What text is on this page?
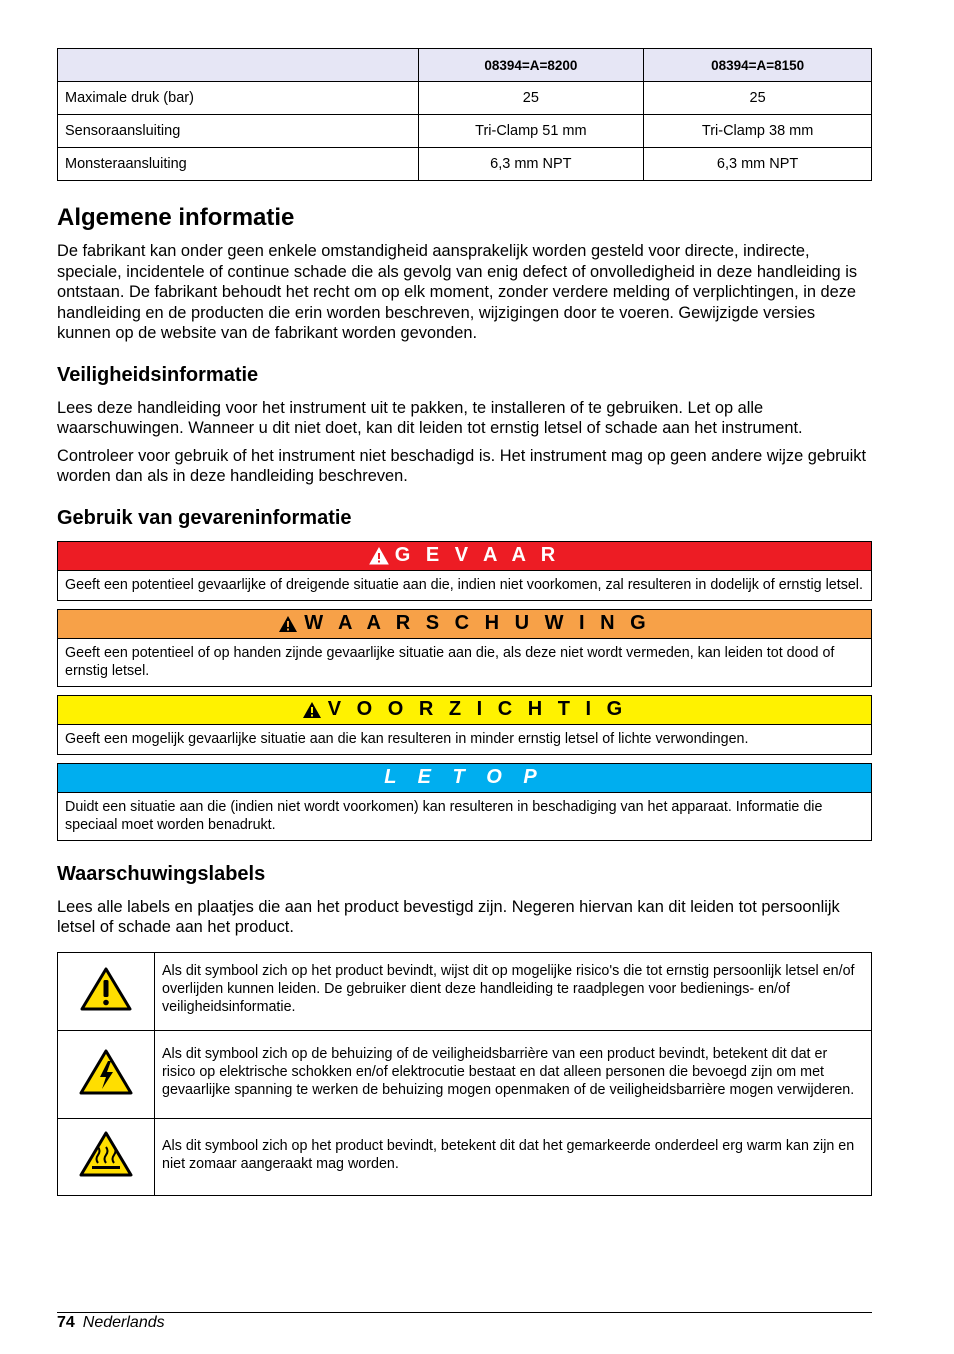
	08394=A=8200	08394=A=8150
Maximale druk (bar)	25	25
Sensoraansluiting	Tri-Clamp 51 mm	Tri-Clamp 38 mm
Monsteraansluiting	6,3 mm NPT	6,3 mm NPT
Algemene informatie

De fabrikant kan onder geen enkele omstandigheid aansprakelijk worden gesteld voor directe, indirecte, speciale, incidentele of continue schade die als gevolg van enig defect of onvolledigheid in deze handleiding is ontstaan. De fabrikant behoudt het recht om op elk moment, zonder verdere melding of verplichtingen, in deze handleiding en de producten die erin worden beschreven, wijzigingen door te voeren. Gewijzigde versies kunnen op de website van de fabrikant worden gevonden.

Veiligheidsinformatie

Lees deze handleiding voor het instrument uit te pakken, te installeren of te gebruiken. Let op alle waarschuwingen. Wanneer u dit niet doet, kan dit leiden tot ernstig letsel of schade aan het instrument.

Controleer voor gebruik of het instrument niet beschadigd is. Het instrument mag op geen andere wijze gebruikt worden dan als in deze handleiding beschreven.

Gebruik van gevareninformatie
G E V A A R
Geeft een potentieel gevaarlijke of dreigende situatie aan die, indien niet voorkomen, zal resulteren in dodelijk of ernstig letsel.
W A A R S C H U W I N G
Geeft een potentieel of op handen zijnde gevaarlijke situatie aan die, als deze niet wordt vermeden, kan leiden tot dood of ernstig letsel.
V O O R Z I C H T I G
Geeft een mogelijk gevaarlijke situatie aan die kan resulteren in minder ernstig letsel of lichte verwondingen.
L E T O P
Duidt een situatie aan die (indien niet wordt voorkomen) kan resulteren in beschadiging van het apparaat. Informatie die speciaal moet worden benadrukt.
Waarschuwingslabels

Lees alle labels en plaatjes die aan het product bevestigd zijn. Negeren hiervan kan dit leiden tot persoonlijk letsel of schade aan het product.

	Als dit symbool zich op het product bevindt, wijst dit op mogelijke risico's die tot ernstig persoonlijk letsel en/of overlijden kunnen leiden. De gebruiker dient deze handleiding te raadplegen voor bedienings- en/of veiligheidsinformatie.
	Als dit symbool zich op de behuizing of de veiligheidsbarrière van een product bevindt, betekent dit dat er risico op elektrische schokken en/of elektrocutie bestaat en dat alleen personen die bevoegd zijn om met gevaarlijke spanning te werken de behuizing mogen openmaken of de veiligheidsbarrière mogen verwijderen.
	Als dit symbool zich op het product bevindt, betekent dit dat het gemarkeerde onderdeel erg warm kan zijn en niet zomaar aangeraakt mag worden.
74 Nederlands
